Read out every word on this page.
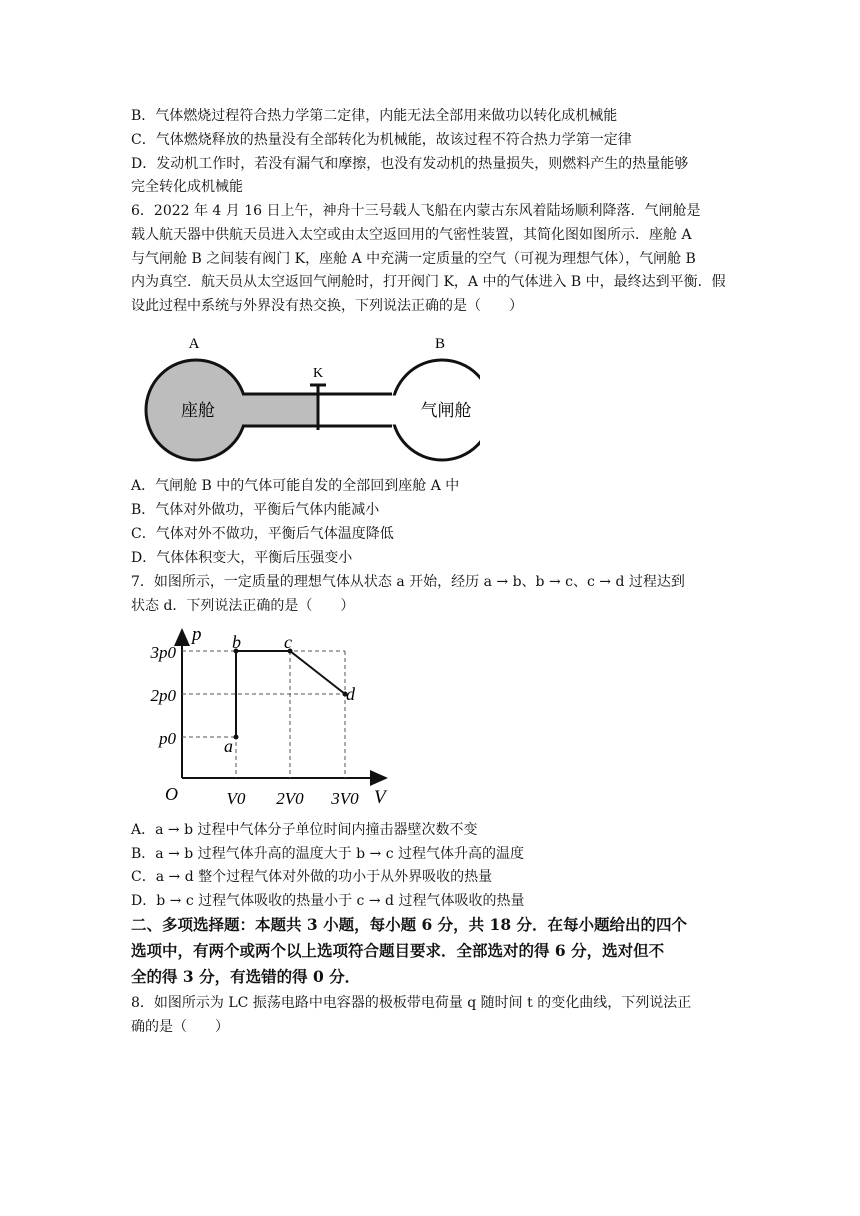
B．气体燃烧过程符合热力学第二定律，内能无法全部用来做功以转化成机械能
C．气体燃烧释放的热量没有全部转化为机械能，故该过程不符合热力学第一定律
D．发动机工作时，若没有漏气和摩擦，也没有发动机的热量损失，则燃料产生的热量能够
完全转化成机械能
6．2022 年 4 月 16 日上午，神舟十三号载人飞船在内蒙古东风着陆场顺利降落．气闸舱是
载人航天器中供航天员进入太空或由太空返回用的气密性装置，其简化图如图所示．座舱 A
与气闸舱 B 之间装有阀门 K，座舱 A 中充满一定质量的空气（可视为理想气体），气闸舱 B
内为真空．航天员从太空返回气闸舱时，打开阀门 K，A 中的气体进入 B 中，最终达到平衡．假
设此过程中系统与外界没有热交换，下列说法正确的是（　　）
A	B
K
座舱	气闸舱
A．气闸舱 B 中的气体可能自发的全部回到座舱 A 中
B．气体对外做功，平衡后气体内能减小
C．气体对外不做功，平衡后气体温度降低
D．气体体积变大，平衡后压强变小
7．如图所示，一定质量的理想气体从状态 a 开始，经历 a → b、b → c、c → d 过程达到
状态 d．下列说法正确的是（　　）
p
V
O
3p0
2p0
p0
V0 2V0 3V0
a
b c
d
A．a → b 过程中气体分子单位时间内撞击器壁次数不变
B．a → b 过程气体升高的温度大于 b → c 过程气体升高的温度
C．a → d 整个过程气体对外做的功小于从外界吸收的热量
D．b → c 过程气体吸收的热量小于 c → d 过程气体吸收的热量
二、多项选择题：本题共 3 小题，每小题 6 分，共 18 分．在每小题给出的四个
选项中，有两个或两个以上选项符合题目要求．全部选对的得 6 分，选对但不
全的得 3 分，有选错的得 0 分．
8．如图所示为 LC 振荡电路中电容器的极板带电荷量 q 随时间 t 的变化曲线，下列说法正
确的是（　　）
